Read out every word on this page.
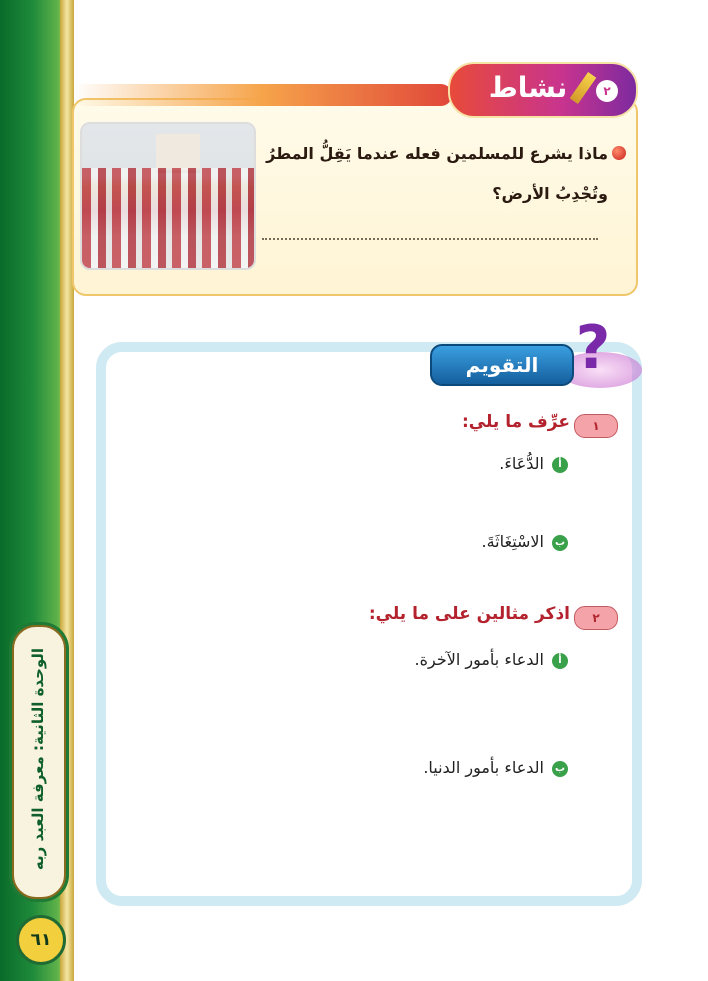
الوحدة الثانية: معرفة العبد ربه
٦١
نشاط	٢
ماذا يشرع للمسلمين فعله عندما يَقِلُّ المطرُ وتُجْدِبُ الأرض؟
?
التقويم
١
عرِّف ما يلي:
أ
الدُّعَاءَ.
ب
الاسْتِغَاثَةَ.
٢
اذكر مثالين على ما يلي:
أ
الدعاء بأمور الآخرة.
ب
الدعاء بأمور الدنيا.
